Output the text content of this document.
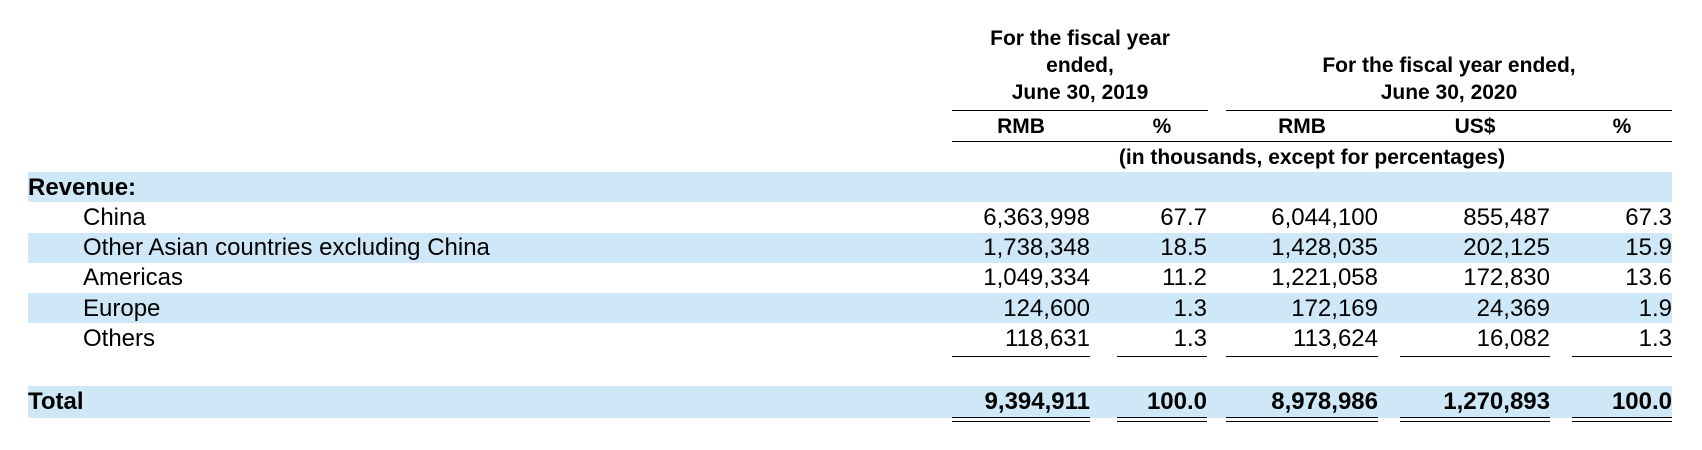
For the fiscal year
ended,
June 30, 2019
For the fiscal year ended,
June 30, 2020
RMB	%	RMB	US$	%
(in thousands, except for percentages)
Revenue:
China	6,363,998	67.7	6,044,100	855,487	67.3
Other Asian countries excluding China	1,738,348	18.5	1,428,035	202,125	15.9
Americas	1,049,334	11.2	1,221,058	172,830	13.6
Europe	124,600	1.3	172,169	24,369	1.9
Others	118,631	1.3	113,624	16,082	1.3
Total	9,394,911	100.0	8,978,986	1,270,893	100.0
